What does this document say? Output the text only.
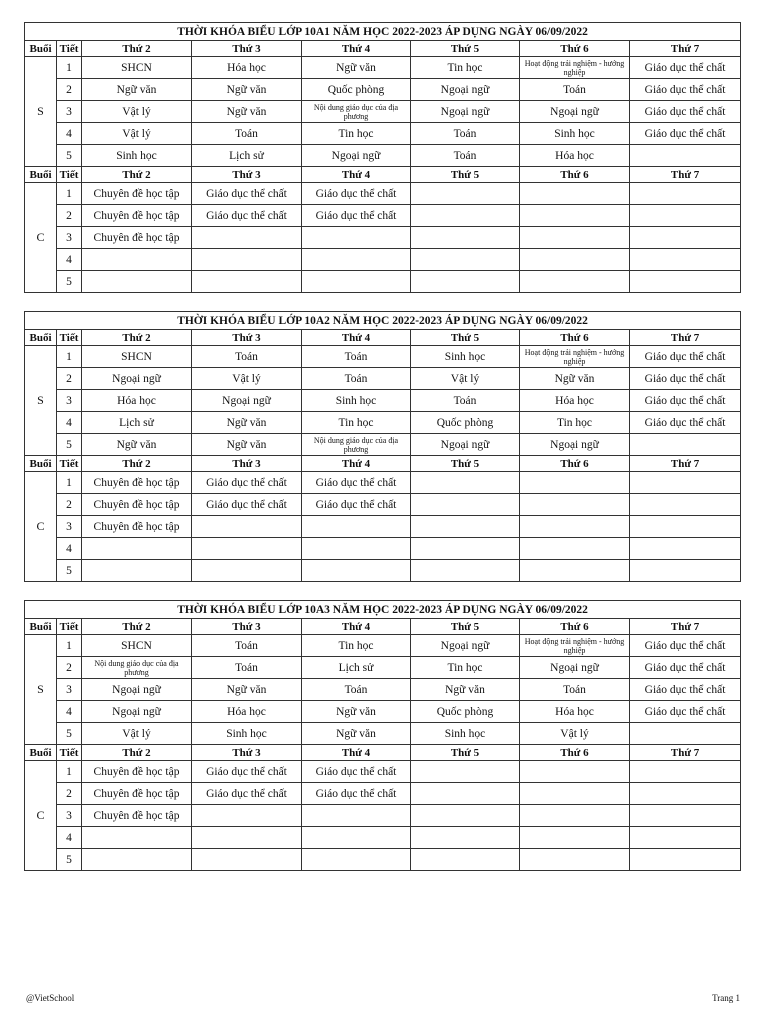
THỜI KHÓA BIỂU LỚP 10A1 NĂM HỌC 2022-2023 ÁP DỤNG NGÀY 06/09/2022							
Buổi	Tiết	Thứ 2	Thứ 3	Thứ 4	Thứ 5	Thứ 6	Thứ 7
S	1	SHCN	Hóa học	Ngữ văn	Tin học	Hoạt động trải nghiệm - hướng nghiệp	Giáo dục thể chất
	2	Ngữ văn	Ngữ văn	Quốc phòng	Ngoại ngữ	Toán	Giáo dục thể chất
	3	Vật lý	Ngữ văn	Nội dung giáo dục của địa phương	Ngoại ngữ	Ngoại ngữ	Giáo dục thể chất
	4	Vật lý	Toán	Tin học	Toán	Sinh học	Giáo dục thể chất
	5	Sinh học	Lịch sử	Ngoại ngữ	Toán	Hóa học	
Buổi	Tiết	Thứ 2	Thứ 3	Thứ 4	Thứ 5	Thứ 6	Thứ 7
C	1	Chuyên đề học tập	Giáo dục thể chất	Giáo dục thể chất			
	2	Chuyên đề học tập	Giáo dục thể chất	Giáo dục thể chất			
	3	Chuyên đề học tập					
	4						
	5						
THỜI KHÓA BIỂU LỚP 10A2 NĂM HỌC 2022-2023 ÁP DỤNG NGÀY 06/09/2022							
Buổi	Tiết	Thứ 2	Thứ 3	Thứ 4	Thứ 5	Thứ 6	Thứ 7
S	1	SHCN	Toán	Toán	Sinh học	Hoạt động trải nghiệm - hướng nghiệp	Giáo dục thể chất
	2	Ngoại ngữ	Vật lý	Toán	Vật lý	Ngữ văn	Giáo dục thể chất
	3	Hóa học	Ngoại ngữ	Sinh học	Toán	Hóa học	Giáo dục thể chất
	4	Lịch sử	Ngữ văn	Tin học	Quốc phòng	Tin học	Giáo dục thể chất
	5	Ngữ văn	Ngữ văn	Nội dung giáo dục của địa phương	Ngoại ngữ	Ngoại ngữ	
Buổi	Tiết	Thứ 2	Thứ 3	Thứ 4	Thứ 5	Thứ 6	Thứ 7
C	1	Chuyên đề học tập	Giáo dục thể chất	Giáo dục thể chất			
	2	Chuyên đề học tập	Giáo dục thể chất	Giáo dục thể chất			
	3	Chuyên đề học tập					
	4						
	5						
THỜI KHÓA BIỂU LỚP 10A3 NĂM HỌC 2022-2023 ÁP DỤNG NGÀY 06/09/2022							
Buổi	Tiết	Thứ 2	Thứ 3	Thứ 4	Thứ 5	Thứ 6	Thứ 7
S	1	SHCN	Toán	Tin học	Ngoại ngữ	Hoạt động trải nghiệm - hướng nghiệp	Giáo dục thể chất
	2	Nội dung giáo dục của địa phương	Toán	Lịch sử	Tin học	Ngoại ngữ	Giáo dục thể chất
	3	Ngoại ngữ	Ngữ văn	Toán	Ngữ văn	Toán	Giáo dục thể chất
	4	Ngoại ngữ	Hóa học	Ngữ văn	Quốc phòng	Hóa học	Giáo dục thể chất
	5	Vật lý	Sinh học	Ngữ văn	Sinh học	Vật lý	
Buổi	Tiết	Thứ 2	Thứ 3	Thứ 4	Thứ 5	Thứ 6	Thứ 7
C	1	Chuyên đề học tập	Giáo dục thể chất	Giáo dục thể chất			
	2	Chuyên đề học tập	Giáo dục thể chất	Giáo dục thể chất			
	3	Chuyên đề học tập					
	4						
	5						
@VietSchool	Trang 1
